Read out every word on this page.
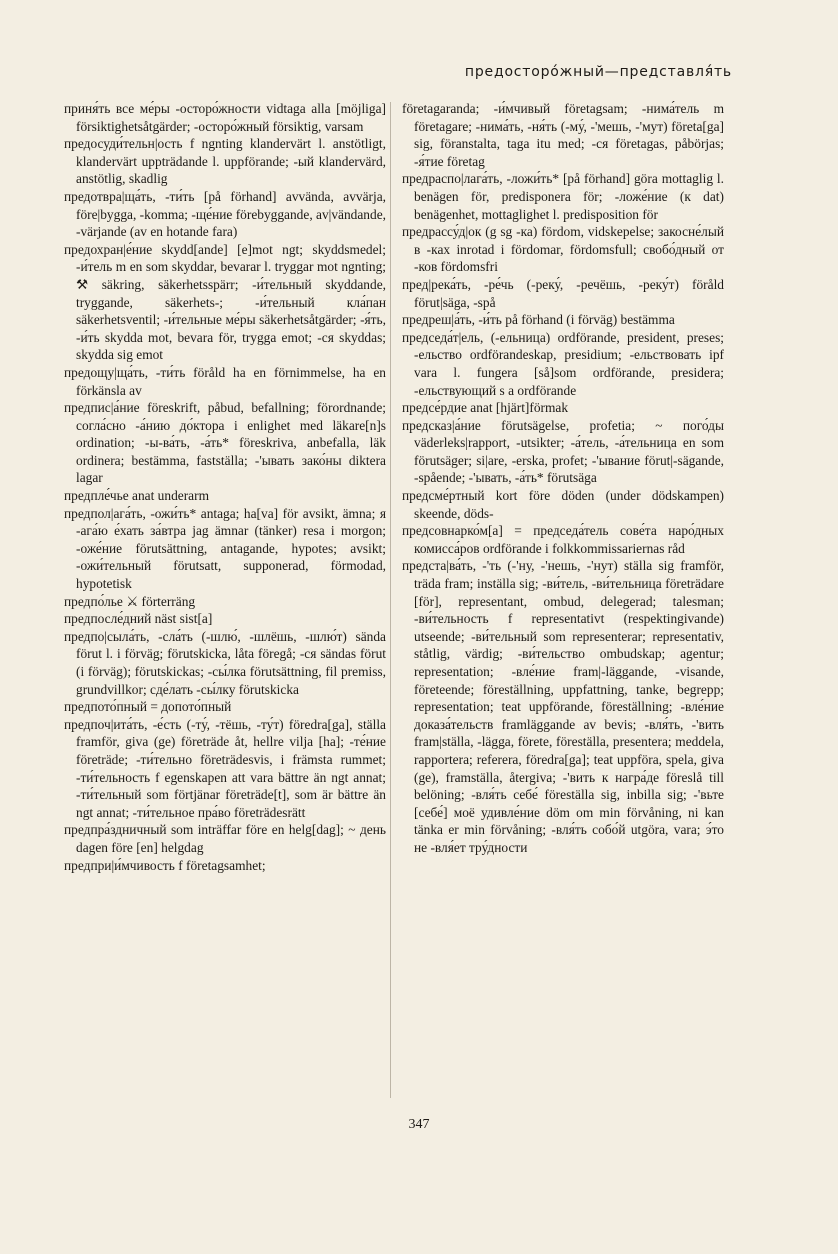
предосторо́жный—представля́ть

приня́ть все ме́ры -осторо́жности vidtaga alla [möjliga] försiktighetsåtgärder; -осторо́жный försiktig, varsam

предосуди́тельн|ость f ngnting klandervärt l. anstötligt, klandervärt uppträdande l. uppförande; -ый klandervärd, anstötlig, skadlig

предотвра|ща́ть, -ти́ть [på förhand] avvända, avvärja, före|bygga, -komma; -ще́ние förebyggande, av|vändande, -värjande (av en hotande fara)

предохран|е́ние skydd[ande] [e]mot ngt; skyddsmedel; -и́тель m en som skyddar, bevarar l. tryggar mot ngnting; ⚒ säkring, säkerhetsspärr; -и́тельный skyddande, tryggande, säkerhets-; -и́тельный кла́пан säkerhetsventil; -и́тельные ме́ры säkerhetsåtgärder; -я́ть, -и́ть skydda mot, bevara för, trygga emot; -ся skyddas; skydda sig emot

предощу|ща́ть, -ти́ть föråld ha en förnimmelse, ha en förkänsla av

предпис|а́ние föreskrift, påbud, befallning; förordnande; согла́сно -а́нию до́ктора i enlighet med läkare[n]s ordination; -ы-ва́ть, -а́ть* föreskriva, anbefalla, läk ordinera; bestämma, fastställa; -'ывать зако́ны diktera lagar

предпле́чье anat underarm

предпол|ага́ть, -ожи́ть* antaga; ha[va] för avsikt, ämna; я -ага́ю е́хать за́втра jag ämnar (tänker) resa i morgon; -оже́ние förutsättning, antagande, hypotes; avsikt; -ожи́тельный förutsatt, supponerad, förmodad, hypotetisk

предпо́лье ⚔ förterräng

предпосле́дний näst sist[a]

предпо|сыла́ть, -сла́ть (-шлю́, -шлёшь, -шлю́т) sända förut l. i förväg; förutskicka, låta föregå; -ся sändas förut (i förväg); förutskickas; -сы́лка förutsättning, fil premiss, grundvillkor; сде́лать -сы́лку förutskicka

предпото́пный = допото́пный

предпоч|ита́ть, -е́сть (-ту́, -тёшь, -ту́т) föredra[ga], ställa framför, giva (ge) företräde åt, hellre vilja [ha]; -те́ние företräde; -ти́тельно företrädesvis, i främsta rummet; -ти́тельность f egenskapen att vara bättre än ngt annat; -ти́тельный som förtjänar företräde[t], som är bättre än ngt annat; -ти́тельное пра́во företrädesrätt

предпра́здничный som inträffar före en helg[dag]; ~ день dagen före [en] helgdag

предпри|и́мчивость f företagsamhet;

företagaranda; -и́мчивый företagsam; -нима́тель m företagare; -нима́ть, -ня́ть (-му́, -'мешь, -'мут) företa[ga] sig, föranstalta, taga itu med; -ся företagas, påbörjas; -я́тие företag

предраспо|лага́ть, -ложи́ть* [på förhand] göra mottaglig l. benägen för, predisponera för; -ложе́ние (к dat) benägenhet, mottaglighet l. predisposition för

предрассу́д|ок (g sg -ка) fördom, vidskepelse; закосне́лый в -ках inrotad i fördomar, fördomsfull; свобо́дный от -ков fördomsfri

пред|река́ть, -ре́чь (-реку́, -речёшь, -реку́т) föråld förut|säga, -spå

предреш|а́ть, -и́ть på förhand (i förväg) bestämma

председа́т|ель, (-ельница) ordförande, president, preses; -ельство ordförandeskap, presidium; -ельствовать ipf vara l. fungera [så]som ordförande, presidera; -ельствующий s a ordförande

предсе́рдие anat [hjärt]förmak

предсказ|а́ние förutsägelse, profetia; ~ пого́ды väderleks|rapport, -utsikter; -а́тель, -а́тельница en som förutsäger; si|are, -erska, profet; -'ывание förut|-sägande, -spående; -'ывать, -а́ть* förutsäga

предсме́ртный kort före döden (under dödskampen) skeende, döds-

предсовнарко́м[а] = председа́тель сове́та наро́дных комисса́ров ordförande i folkkommissariernas råd

предста|ва́ть, -'ть (-'ну, -'нешь, -'нут) ställa sig framför, träda fram; inställa sig; -ви́тель, -ви́тельница företrädare [för], representant, ombud, delegerad; talesman; -ви́тельность f representativt (respektingivande) utseende; -ви́тельный som representerar; representativ, ståtlig, värdig; -ви́тельство ombudskap; agentur; representation; -вле́ние fram|-läggande, -visande, företeende; föreställning, uppfattning, tanke, begrepp; representation; teat uppförande, föreställning; -вле́ние доказа́тельств framläggande av bevis; -вля́ть, -'вить fram|ställa, -lägga, förete, föreställa, presentera; meddela, rapportera; referera, föredra[ga]; teat uppföra, spela, giva (ge), framställa, återgiva; -'вить к награ́де föreslå till belöning; -вля́ть себе́ föreställa sig, inbilla sig; -'вьте [себе́] моё удивле́ние döm om min förvåning, ni kan tänka er min förvåning; -вля́ть собо́й utgöra, vara; э́то не -вля́ет тру́дности

347
